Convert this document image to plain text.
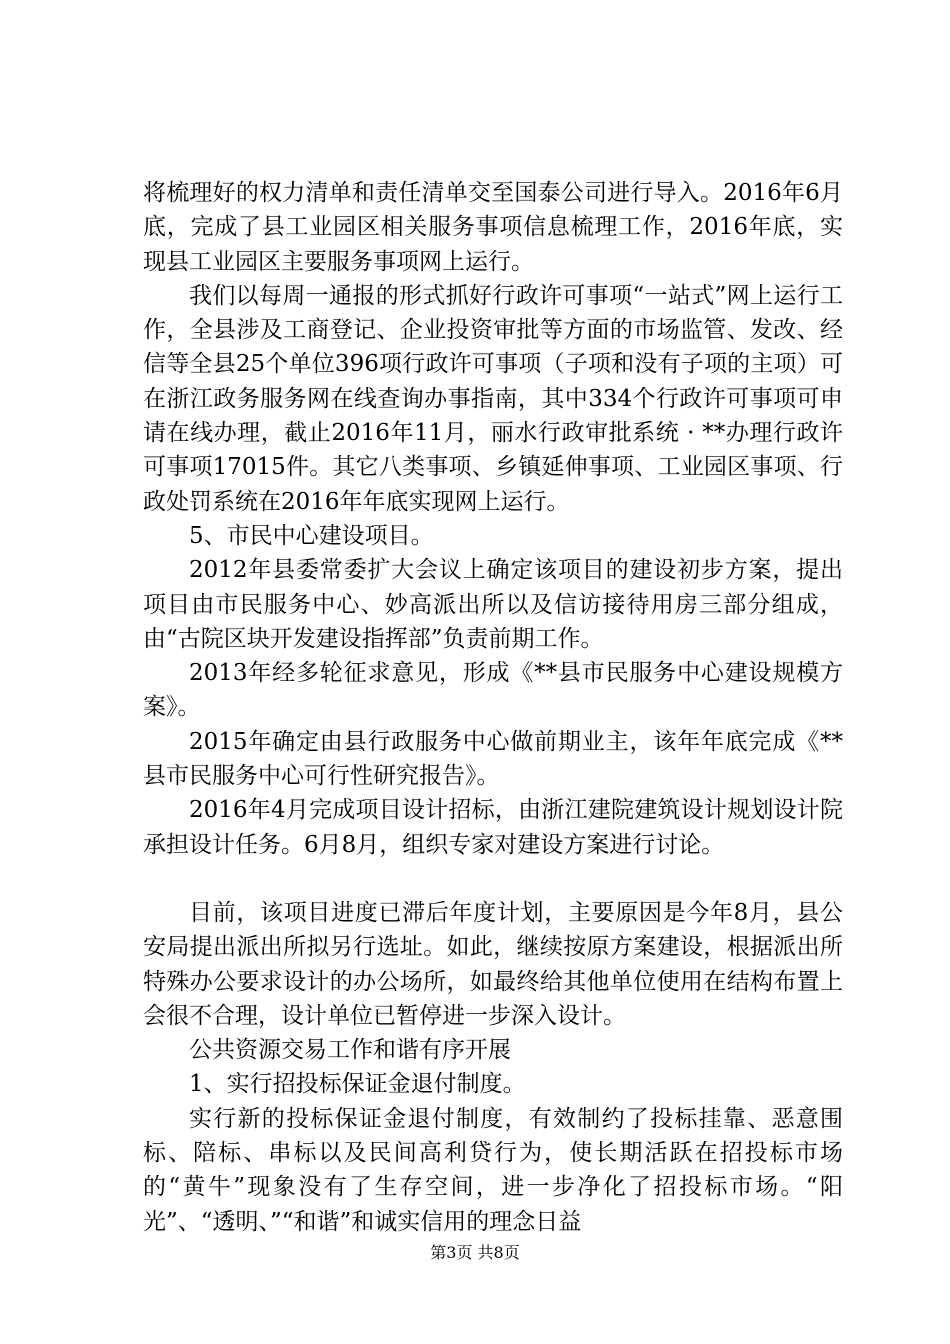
将梳理好的权力清单和责任清单交至国泰公司进行导入。2016年6月底，完成了县工业园区相关服务事项信息梳理工作，2016年底，实现县工业园区主要服务事项网上运行。

我们以每周一通报的形式抓好行政许可事项“一站式”网上运行工作，全县涉及工商登记、企业投资审批等方面的市场监管、发改、经信等全县25个单位396项行政许可事项（子项和没有子项的主项）可在浙江政务服务网在线查询办事指南，其中334个行政许可事项可申请在线办理，截止2016年11月，丽水行政审批系统 · **办理行政许可事项17015件。其它八类事项、乡镇延伸事项、工业园区事项、行政处罚系统在2016年年底实现网上运行。

5、市民中心建设项目。

2012年县委常委扩大会议上确定该项目的建设初步方案，提出项目由市民服务中心、妙高派出所以及信访接待用房三部分组成，由“古院区块开发建设指挥部”负责前期工作。

2013年经多轮征求意见，形成《**县市民服务中心建设规模方案》。

2015年确定由县行政服务中心做前期业主，该年年底完成《**县市民服务中心可行性研究报告》。

2016年4月完成项目设计招标，由浙江建院建筑设计规划设计院承担设计任务。6月8月，组织专家对建设方案进行讨论。

目前，该项目进度已滞后年度计划，主要原因是今年8月，县公安局提出派出所拟另行选址。如此，继续按原方案建设，根据派出所特殊办公要求设计的办公场所，如最终给其他单位使用在结构布置上会很不合理，设计单位已暂停进一步深入设计。

公共资源交易工作和谐有序开展

1、实行招投标保证金退付制度。

实行新的投标保证金退付制度，有效制约了投标挂靠、恶意围标、陪标、串标以及民间高利贷行为，使长期活跃在招投标市场的“黄牛”现象没有了生存空间，进一步净化了招投标市场。“阳光”、“透明、”“和谐”和诚实信用的理念日益

第3页 共8页
